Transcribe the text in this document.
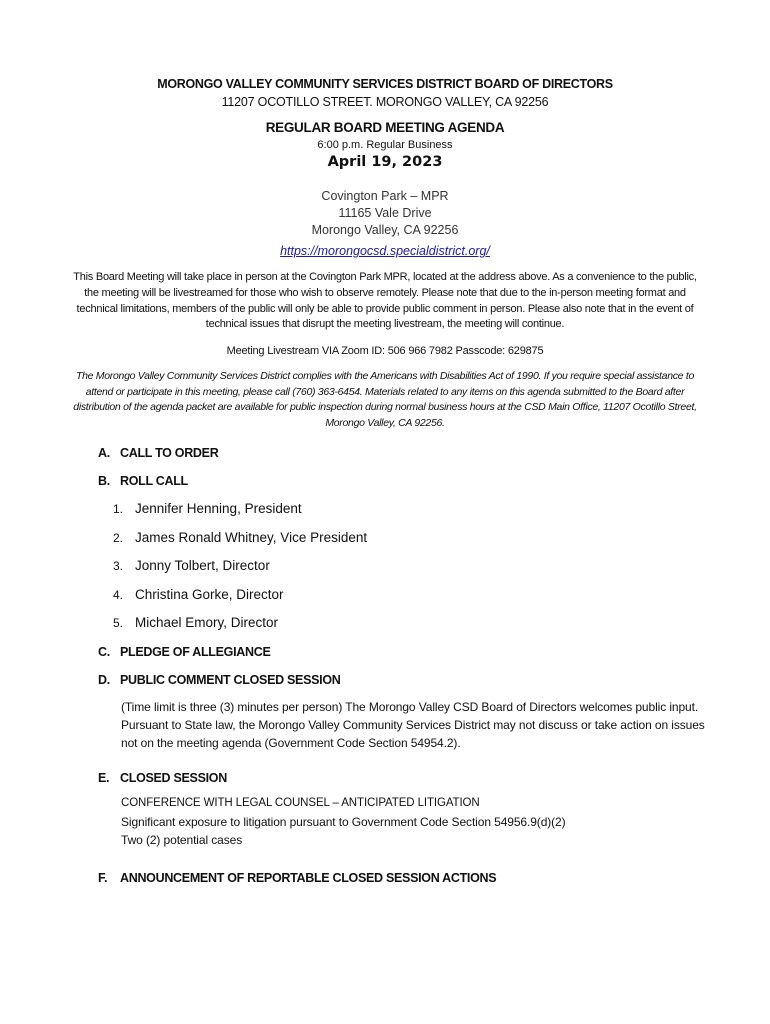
MORONGO VALLEY COMMUNITY SERVICES DISTRICT BOARD OF DIRECTORS
11207 OCOTILLO STREET. MORONGO VALLEY, CA 92256
REGULAR BOARD MEETING AGENDA
6:00 p.m. Regular Business
April 19, 2023
Covington Park – MPR
11165 Vale Drive
Morongo Valley, CA 92256
https://morongocsd.specialdistrict.org/
This Board Meeting will take place in person at the Covington Park MPR, located at the address above. As a convenience to the public, the meeting will be livestreamed for those who wish to observe remotely. Please note that due to the in-person meeting format and technical limitations, members of the public will only be able to provide public comment in person. Please also note that in the event of technical issues that disrupt the meeting livestream, the meeting will continue.
Meeting Livestream VIA Zoom ID: 506 966 7982 Passcode: 629875
The Morongo Valley Community Services District complies with the Americans with Disabilities Act of 1990. If you require special assistance to attend or participate in this meeting, please call (760) 363-6454. Materials related to any items on this agenda submitted to the Board after distribution of the agenda packet are available for public inspection during normal business hours at the CSD Main Office, 11207 Ocotillo Street, Morongo Valley, CA 92256.
A. CALL TO ORDER
B. ROLL CALL
1. Jennifer Henning, President
2. James Ronald Whitney, Vice President
3. Jonny Tolbert, Director
4. Christina Gorke, Director
5. Michael Emory, Director
C. PLEDGE OF ALLEGIANCE
D. PUBLIC COMMENT CLOSED SESSION
(Time limit is three (3) minutes per person) The Morongo Valley CSD Board of Directors welcomes public input. Pursuant to State law, the Morongo Valley Community Services District may not discuss or take action on issues not on the meeting agenda (Government Code Section 54954.2).
E. CLOSED SESSION
CONFERENCE WITH LEGAL COUNSEL – ANTICIPATED LITIGATION
Significant exposure to litigation pursuant to Government Code Section 54956.9(d)(2)
Two (2) potential cases
F. ANNOUNCEMENT OF REPORTABLE CLOSED SESSION ACTIONS
